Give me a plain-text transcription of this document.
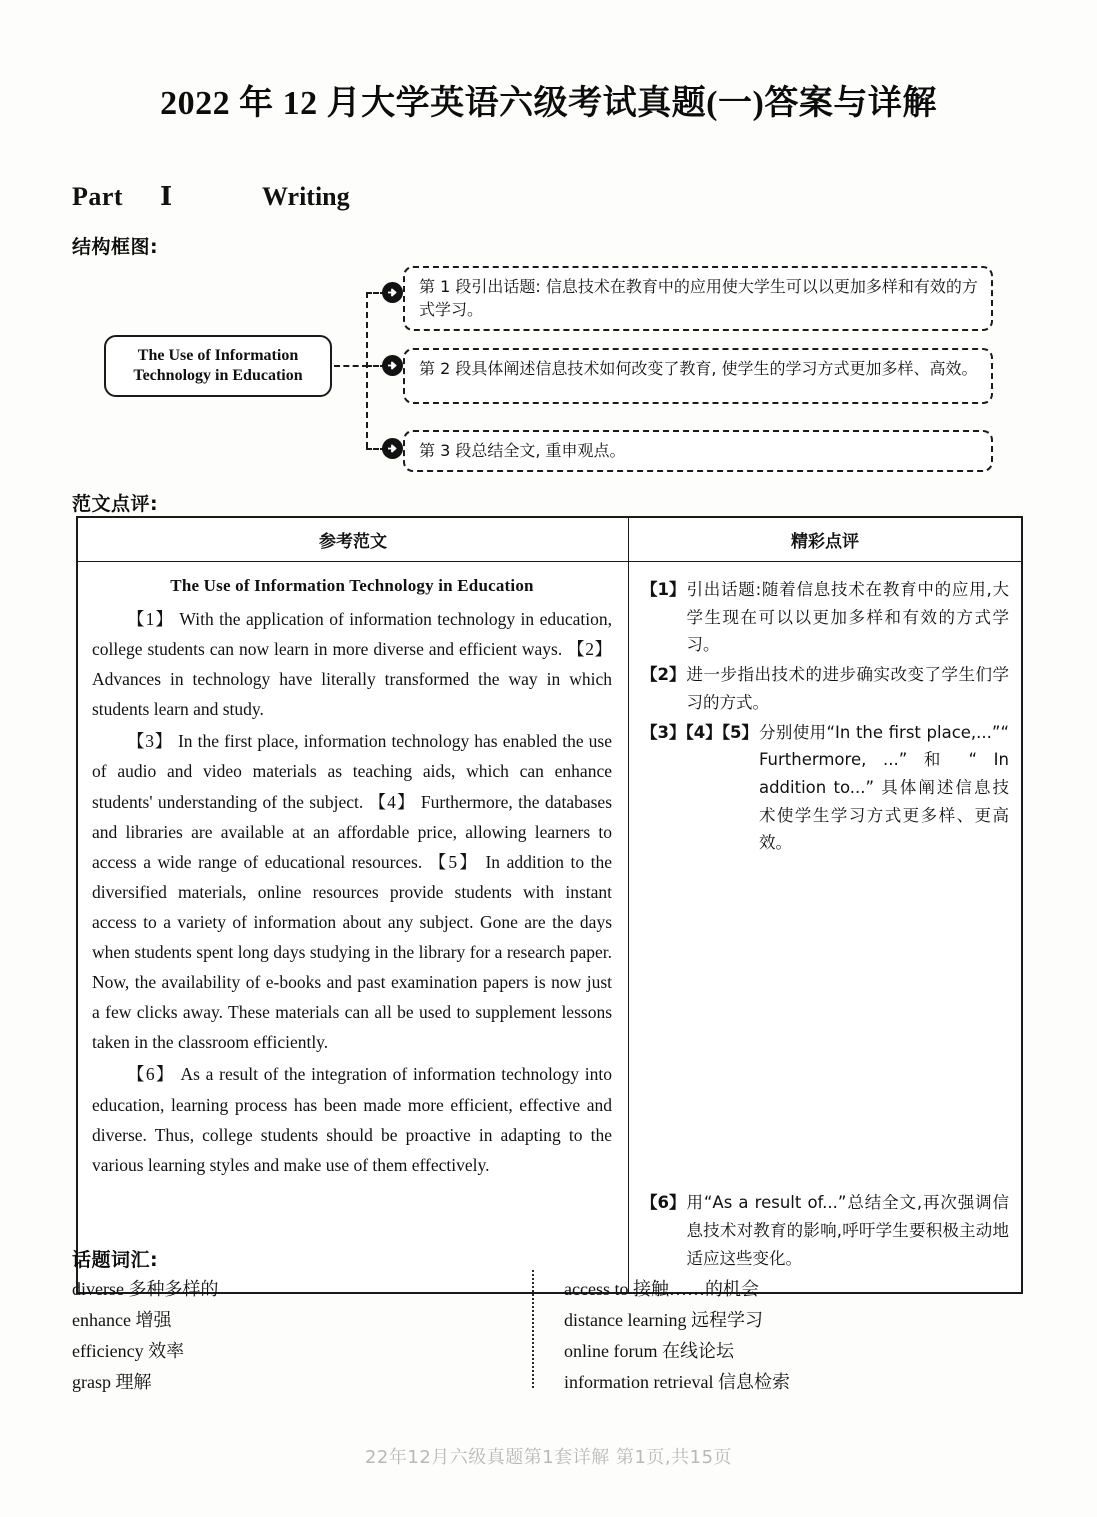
2022 年 12 月大学英语六级考试真题(一)答案与详解
Part Ⅰ	Writing
结构框图:
The Use of Information Technology in Education
第 1 段引出话题: 信息技术在教育中的应用使大学生可以以更加多样和有效的方式学习。
第 2 段具体阐述信息技术如何改变了教育, 使学生的学习方式更加多样、高效。
第 3 段总结全文, 重申观点。
范文点评:
参考范文	精彩点评
The Use of Information Technology in Education

【1】 With the application of information technology in education, college students can now learn in more diverse and efficient ways. 【2】 Advances in technology have literally transformed the way in which students learn and study.

【3】 In the first place, information technology has enabled the use of audio and video materials as teaching aids, which can enhance students' understanding of the subject. 【4】 Furthermore, the databases and libraries are available at an affordable price, allowing learners to access a wide range of educational resources. 【5】 In addition to the diversified materials, online resources provide students with instant access to a variety of information about any subject. Gone are the days when students spent long days studying in the library for a research paper. Now, the availability of e-books and past examination papers is now just a few clicks away. These materials can all be used to supplement lessons taken in the classroom efficiently.

【6】 As a result of the integration of information technology into education, learning process has been made more efficient, effective and diverse. Thus, college students should be proactive in adapting to the various learning styles and make use of them effectively.

【1】 引出话题:随着信息技术在教育中的应用,大学生现在可以以更加多样和有效的方式学习。
【2】 进一步指出技术的进步确实改变了学生们学习的方式。
【3】【4】【5】 分别使用“In the first place,...”“ Furthermore, ...” 和 “ In addition to...” 具体阐述信息技术使学生学习方式更多样、更高效。
【6】 用“As a result of...”总结全文,再次强调信息技术对教育的影响,呼吁学生要积极主动地适应这些变化。
话题词汇:
diverse 多种多样的
enhance 增强
efficiency 效率
grasp 理解
access to 接触……的机会
distance learning 远程学习
online forum 在线论坛
information retrieval 信息检索
22年12月六级真题第1套详解 第1页,共15页
